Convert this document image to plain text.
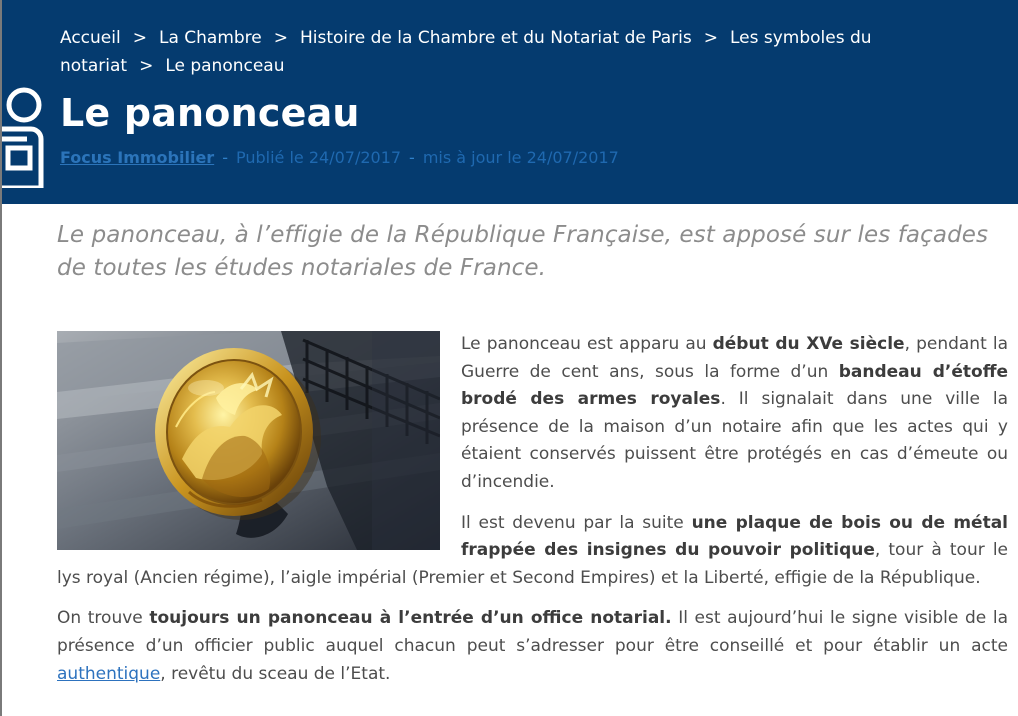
Accueil > La Chambre > Histoire de la Chambre et du Notariat de Paris > Les symboles du notariat > Le panonceau
Le panonceau
Focus Immobilier - Publié le 24/07/2017 - mis à jour le 24/07/2017
Le panonceau, à l’effigie de la République Française, est apposé sur les façades de toutes les études notariales de France.

Le panonceau est apparu au début du XVe siècle, pendant la Guerre de cent ans, sous la forme d’un bandeau d’étoffe brodé des armes royales. Il signalait dans une ville la présence de la maison d’un notaire afin que les actes qui y étaient conservés puissent être protégés en cas d’émeute ou d’incendie.

Il est devenu par la suite une plaque de bois ou de métal frappée des insignes du pouvoir politique, tour à tour le lys royal (Ancien régime), l’aigle impérial (Premier et Second Empires) et la Liberté, effigie de la République.

On trouve toujours un panonceau à l’entrée d’un office notarial. Il est aujourd’hui le signe visible de la présence d’un officier public auquel chacun peut s’adresser pour être conseillé et pour établir un acte authentique, revêtu du sceau de l’Etat.
